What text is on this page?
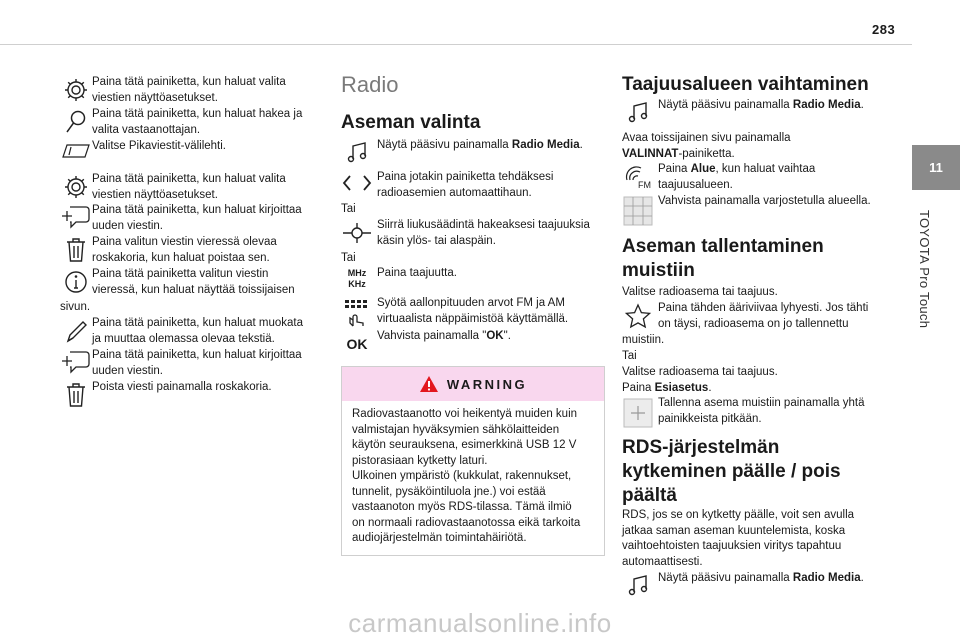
283
11
TOYOTA Pro Touch
Paina tätä painiketta, kun haluat valita
viestien näyttöasetukset.
Paina tätä painiketta, kun haluat hakea ja
valita vastaanottajan.
Valitse Pikaviestit-välilehti.
Paina tätä painiketta, kun haluat valita
viestien näyttöasetukset.
Paina tätä painiketta, kun haluat kirjoittaa
uuden viestin.
Paina valitun viestin vieressä olevaa
roskakoria, kun haluat poistaa sen.
Paina tätä painiketta valitun viestin
vieressä, kun haluat näyttää toissijaisen
sivun.
Paina tätä painiketta, kun haluat muokata
ja muuttaa olemassa olevaa tekstiä.
Paina tätä painiketta, kun haluat kirjoittaa
uuden viestin.
Poista viesti painamalla roskakoria.
Radio
Aseman valinta
Näytä pääsivu painamalla Radio Media.
Paina jotakin painiketta tehdäksesi
radioasemien automaattihaun.
Tai
Siirrä liukusäädintä hakeaksesi taajuuksia
käsin ylös- tai alaspäin.
Tai
MHz
KHz
Paina taajuutta.
Syötä aallonpituuden arvot FM ja AM
virtuaalista näppäimistöä käyttämällä.
OK Vahvista painamalla "OK".
WARNING
Radiovastaanotto voi heikentyä muiden kuin
valmistajan hyväksymien sähkölaitteiden
käytön seurauksena, esimerkkinä USB 12 V
pistorasiaan kytketty laturi.
Ulkoinen ympäristö (kukkulat, rakennukset,
tunnelit, pysäköintiluola jne.) voi estää
vastaanoton myös RDS-tilassa. Tämä ilmiö
on normaali radiovastaanotossa eikä tarkoita
audiojärjestelmän toimintahäiriötä.
Taajuusalueen vaihtaminen
Näytä pääsivu painamalla Radio Media.
Avaa toissijainen sivu painamalla
VALINNAT-painiketta.
FM
Paina Alue, kun haluat vaihtaa
taajuusalueen.
Vahvista painamalla varjostetulla alueella.
Aseman tallentaminen
muistiin
Valitse radioasema tai taajuus.
Paina tähden ääriviivaa lyhyesti. Jos tähti
on täysi, radioasema on jo tallennettu
muistiin.
Tai
Valitse radioasema tai taajuus.
Paina Esiasetus.
Tallenna asema muistiin painamalla yhtä
painikkeista pitkään.
RDS-järjestelmän
kytkeminen päälle / pois
päältä
RDS, jos se on kytketty päälle, voit sen avulla
jatkaa saman aseman kuuntelemista, koska
vaihtoehtoisten taajuuksien viritys tapahtuu
automaattisesti.
Näytä pääsivu painamalla Radio Media.
carmanualsonline.info
